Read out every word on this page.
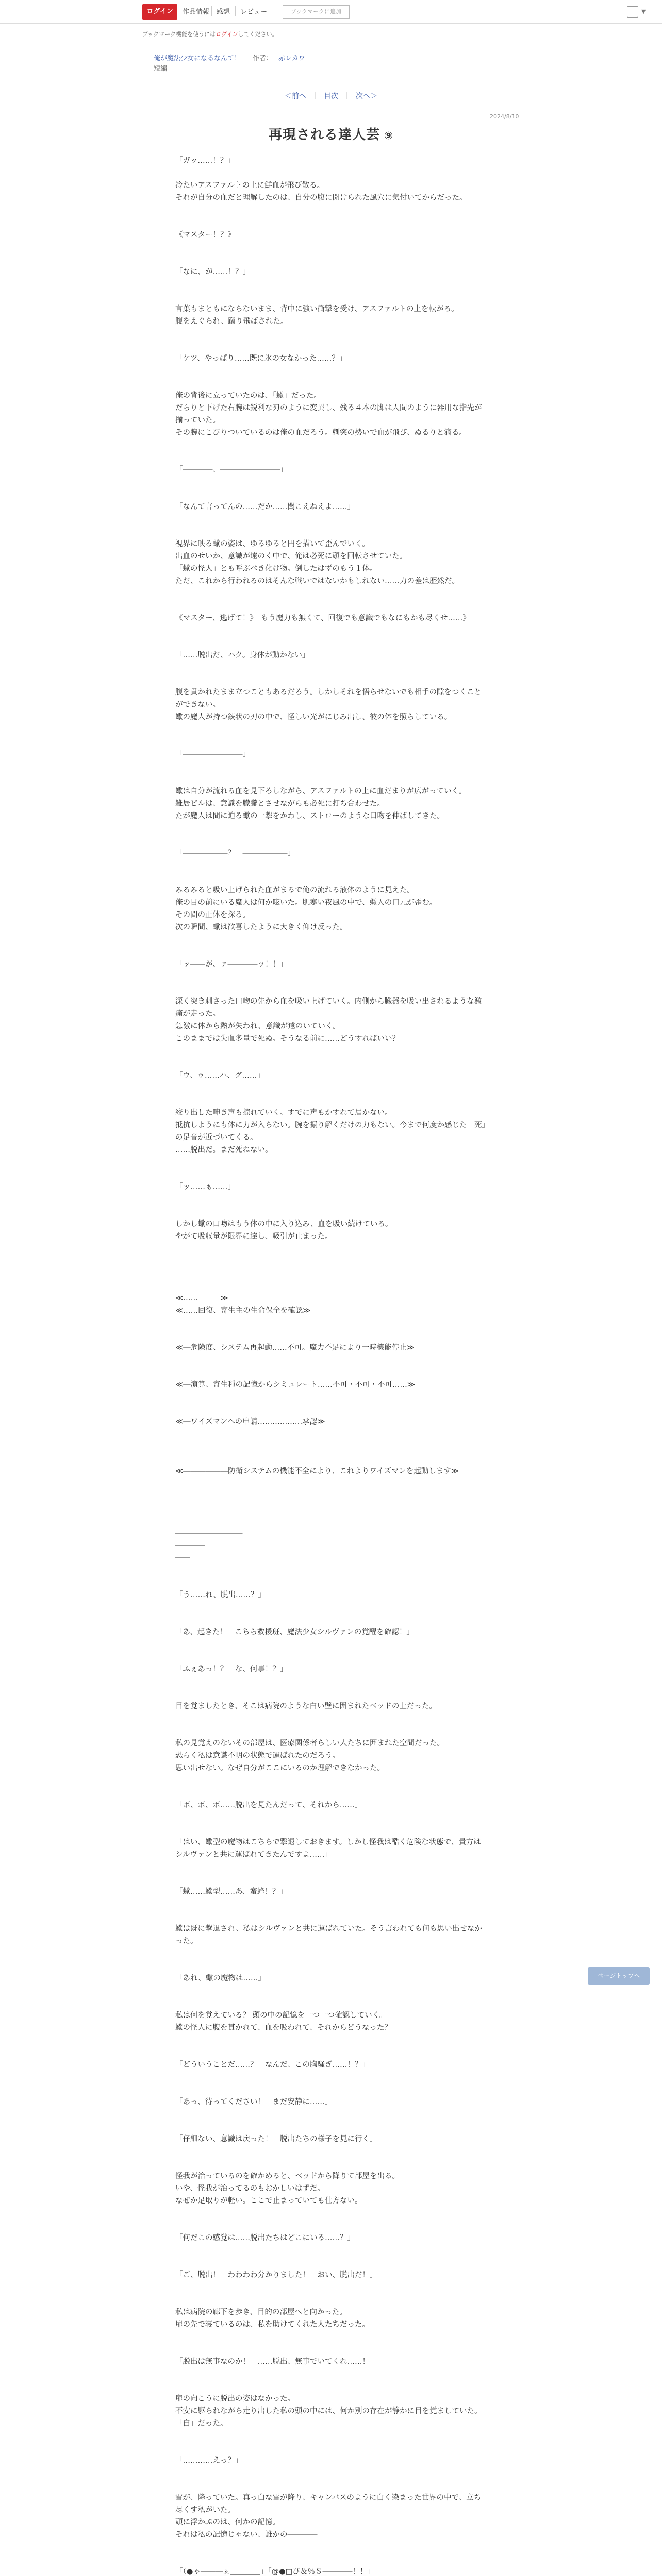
ログイン	作品情報 感想 レビュー	ブックマークに追加	▼
ブックマーク機能を使うにはログインしてください。
俺が魔法少女になるなんて！ 作者： 赤レカワ
短編
＜前へ ｜ 目次 ｜ 次へ＞
2024/8/10
再現される達人芸 ⑨

「ガッ……！？」

冷たいアスファルトの上に鮮血が飛び散る。

それが自分の血だと理解したのは、自分の腹に開けられた風穴に気付いてからだった。

《マスター！？》

「なに、が……！？」

言葉もまともにならないまま、背中に強い衝撃を受け、アスファルトの上を転がる。

腹をえぐられ、蹴り飛ばされた。

「ケツ、やっぱり……既に氷の女なかった……？」

俺の背後に立っていたのは、「蠍」だった。

だらりと下げた右腕は鋭利な刃のように変異し、残る４本の脚は人間のように器用な指先が揃っていた。

その腕にこびりついているのは俺の血だろう。刺突の勢いで血が飛び、ぬるりと滴る。

「――――、――――――――」

「なんて言ってんの……だか……聞こえねえよ……」

視界に映る蠍の姿は、ゆるゆると円を描いて歪んでいく。

出血のせいか、意識が遠のく中で、俺は必死に頭を回転させていた。

「蠍の怪人」とも呼ぶべき化け物。倒したはずのもう１体。

ただ、これから行われるのはそんな戦いではないかもしれない……力の差は歴然だ。

《マスター、逃げて！》　もう魔力も無くて、回復でも意識でもなにもかも尽くせ……》

「……脱出だ、ハク。身体が動かない」

腹を貫かれたまま立つこともあるだろう。しかしそれを悟らせないでも相手の隙をつくことができない。

蠍の魔人が持つ鋏状の刃の中で、怪しい光がにじみ出し、彼の体を照らしている。

「――――――――」

蠍は自分が流れる血を見下ろしながら、アスファルトの上に血だまりが広がっていく。

雑居ビルは、意識を朦朧とさせながらも必死に打ち合わせた。

たが魔人は間に迫る蠍の一撃をかわし、ストローのような口吻を伸ばしてきた。

「――――――？　――――――」

みるみると吸い上げられた血がまるで俺の流れる液体のように見えた。

俺の目の前にいる魔人は何か呟いた。肌寒い夜風の中で、蠍人の口元が歪む。

その間の正体を探る。

次の瞬間、蠍は歓喜したように大きく仰け反った。

「ッ――が、ァ――――ッ！！」

深く突き刺さった口吻の先から血を吸い上げていく。内側から臓器を吸い出されるような激痛が走った。

急激に体から熱が失われ、意識が遠のいていく。

このままでは失血多量で死ぬ。そうなる前に……どうすればいい？

「ウ、ゥ……ハ、グ……」

絞り出した呻き声も掠れていく。すでに声もかすれて届かない。

抵抗しようにも体に力が入らない。腕を振り解くだけの力もない。今まで何度か感じた「死」の足音が近づいてくる。

……脱出だ。まだ死ねない。

「ッ……ぁ……」

しかし蠍の口吻はもう体の中に入り込み、血を吸い続けている。

やがて吸収量が限界に達し、吸引が止まった。

≪……＿＿＿≫

≪……回復、寄生主の生命保全を確認≫

≪―危険度、システム再起動……不可。魔力不足により一時機能停止≫

≪―演算、寄生種の記憶からシミュレート……不可・不可・不可……≫

≪―ワイズマンへの申請………………承認≫

≪――――――防衛システムの機能不全により、これよりワイズマンを起動します≫

―――――――――

――――

――

「う……れ、脱出……？」

「あ、起きた！　こちら救援班、魔法少女シルヴァンの覚醒を確認！」

「ふぇあっ！？　な、何事！？」

目を覚ましたとき、そこは病院のような白い壁に囲まれたベッドの上だった。

私の見覚えのないその部屋は、医療関係者らしい人たちに囲まれた空間だった。

恐らく私は意識不明の状態で運ばれたのだろう。

思い出せない。なぜ自分がここにいるのか理解できなかった。

「ボ、ボ、ボ……脱出を見たんだって、それから……」

「はい、蠍型の魔物はこちらで撃退しておきます。しかし怪我は酷く危険な状態で、貴方はシルヴァンと共に運ばれてきたんですよ……」

「蠍……蠍型……あ、蜜蜂！？」

蠍は既に撃退され、私はシルヴァンと共に運ばれていた。そう言われても何も思い出せなかった。

「あれ、蠍の魔物は……」

私は何を覚えている？ 頭の中の記憶を一つ一つ確認していく。

蠍の怪人に腹を貫かれて、血を吸われて、それからどうなった？

「どういうことだ……？　なんだ、この胸騒ぎ……！？」

「あっ、待ってください！　まだ安静に……」

「仔細ない、意識は戻った！　脱出たちの様子を見に行く」

怪我が治っているのを確かめると、ベッドから降りて部屋を出る。

いや、怪我が治ってるのもおかしいはずだ。

なぜか足取りが軽い。ここで止まっていても仕方ない。

「何だこの感覚は……脱出たちはどこにいる……？」

「ご、脱出！　わわわわ分かりました！　おい、脱出だ！」

私は病院の廊下を歩き、目的の部屋へと向かった。

扉の先で寝ているのは、私を助けてくれた人たちだった。

「脱出は無事なのか！　……脱出、無事でいてくれ……！」

扉の向こうに脱出の姿はなかった。

不安に駆られながら走り出した私の頭の中には、何か別の存在が静かに目を覚ましていた。

「白」だった。

「…………えっ？」

雪が、降っていた。真っ白な雪が降り、キャンバスのように白く染まった世界の中で、立ち尽くす私がいた。

頭に浮かぶのは、何かの記憶。

それは私の記憶じゃない、誰かの――――

「（●ゃ―――ぇ＿＿＿＿」「@●□び＆％＄――――！！」

ページトップへ
